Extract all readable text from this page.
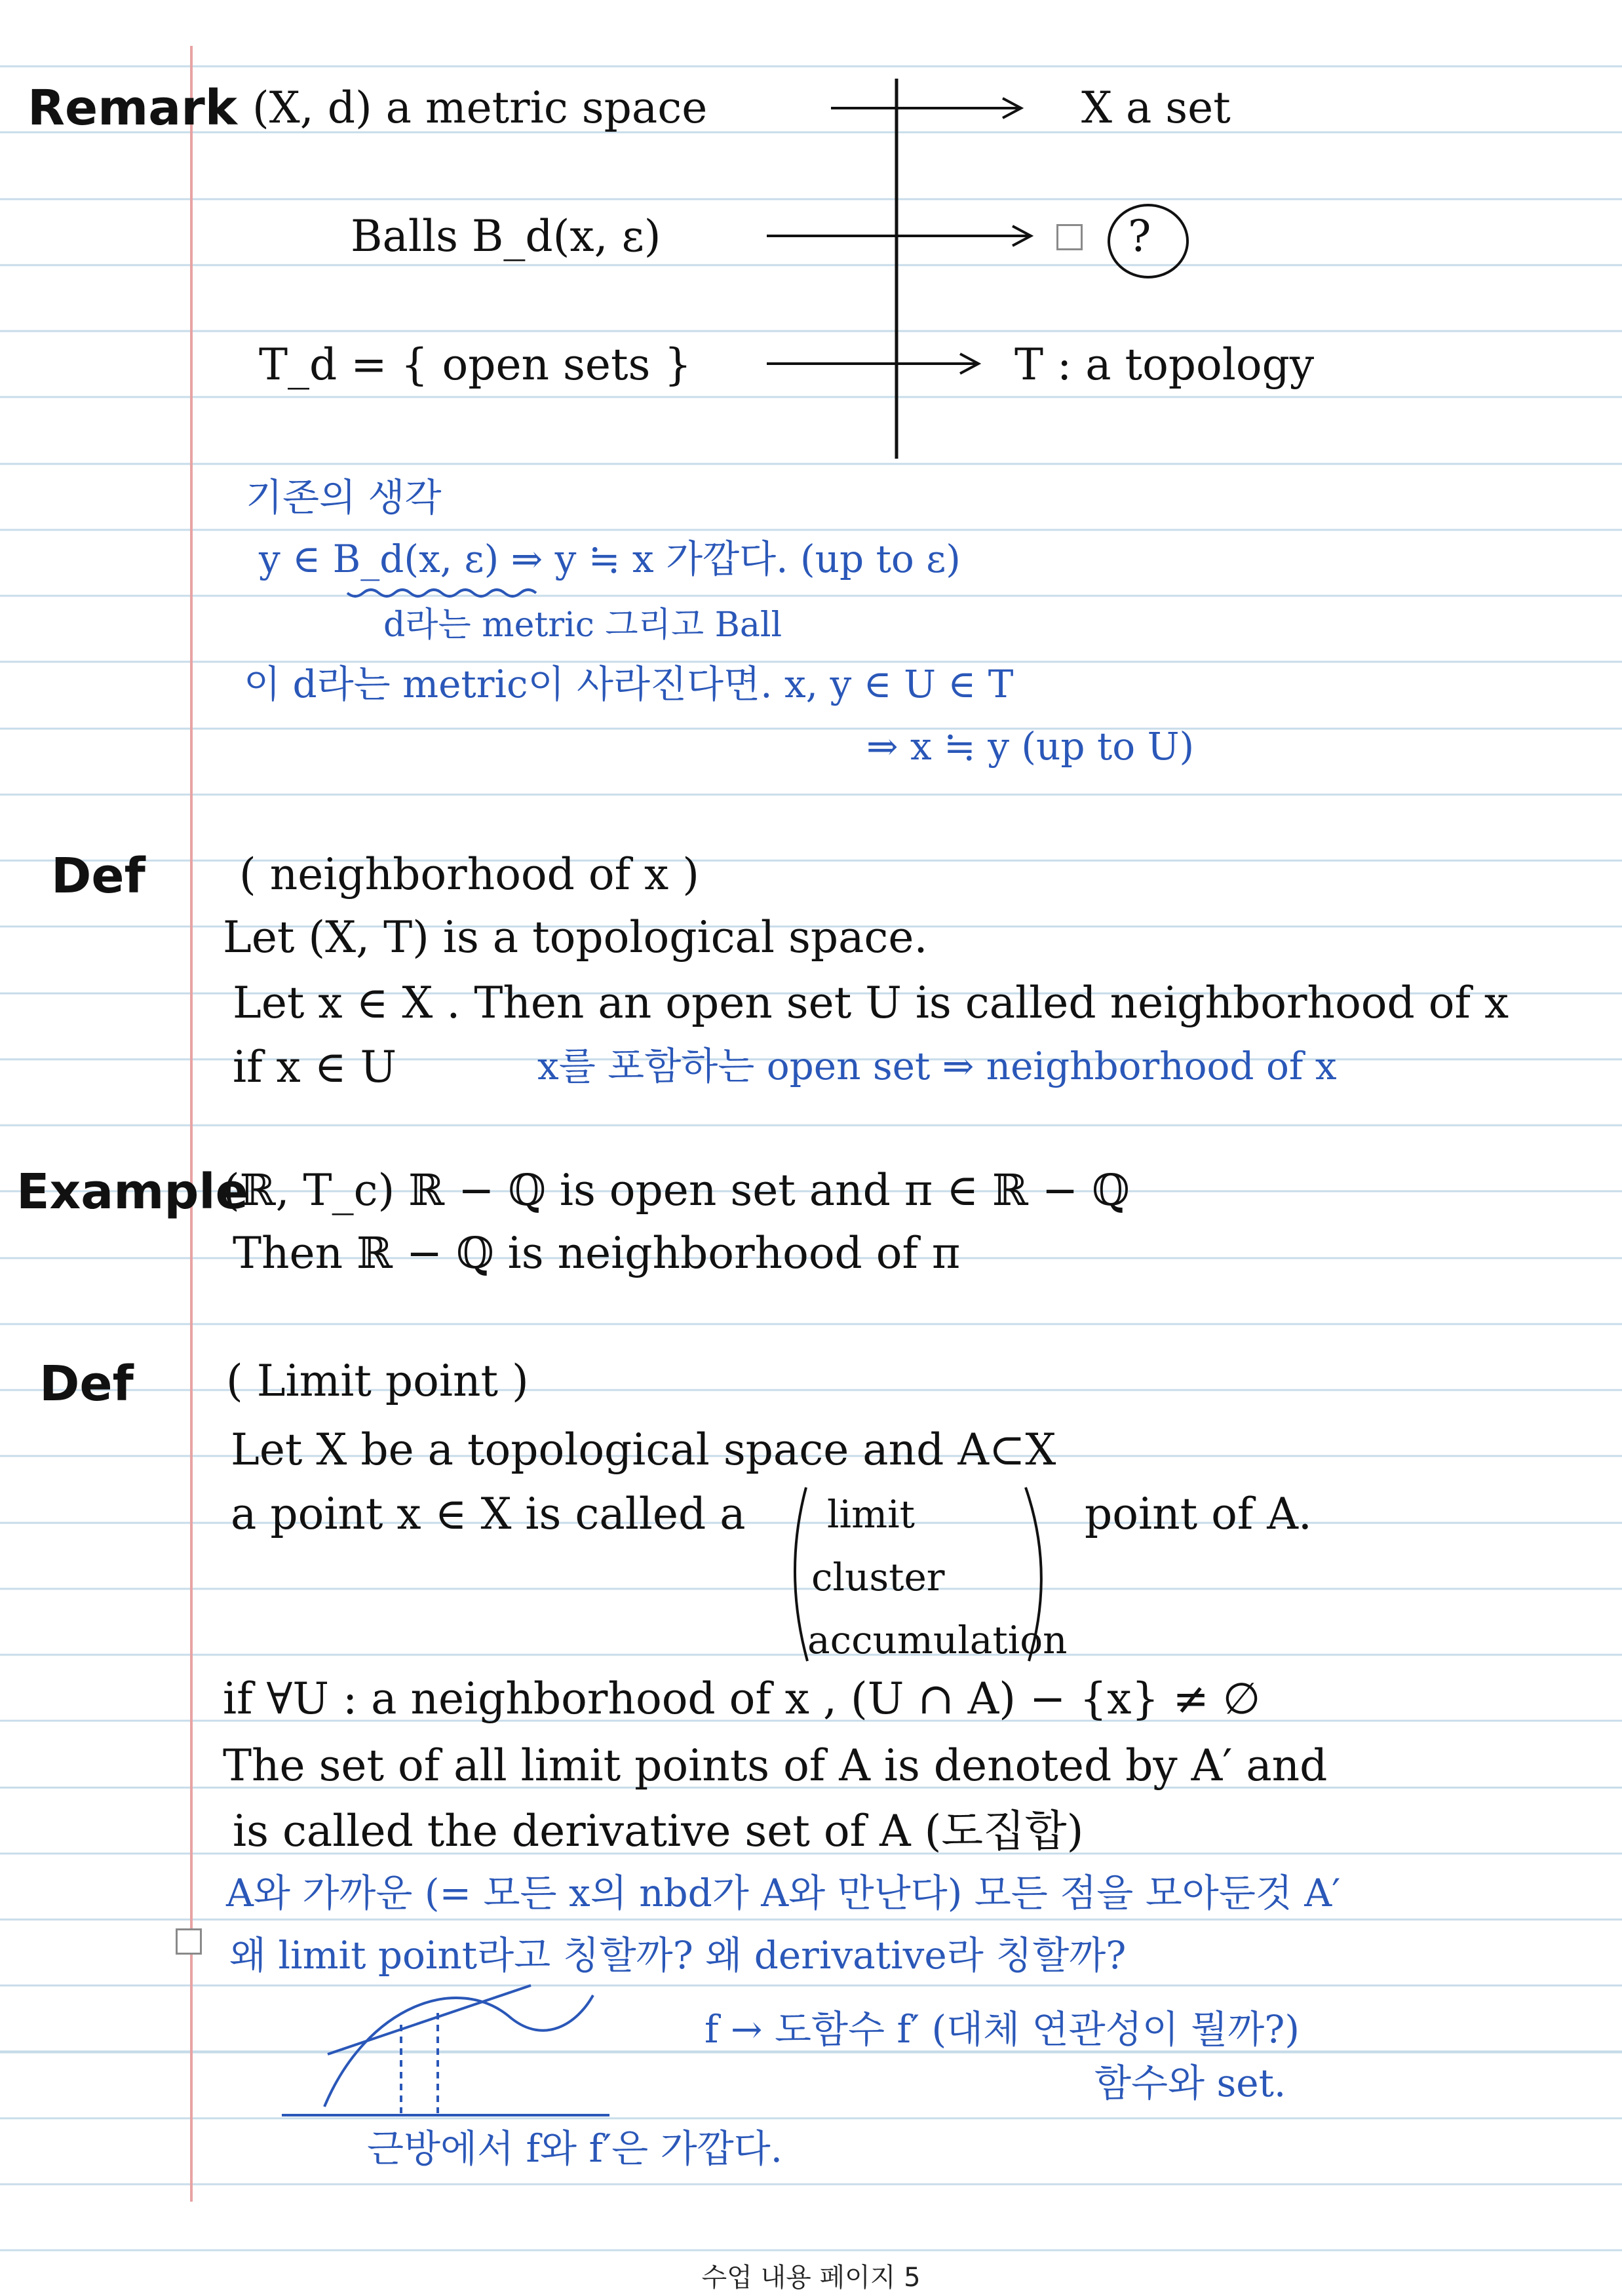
Remark (X, d) a metric space	X a set
Balls B_d(x, ε)	?
T_d = { open sets }	T : a topology
기존의 생각
y ∈ B_d(x, ε) ⇒ y ≒ x 가깝다. (up to ε)
d라는 metric 그리고 Ball
이 d라는 metric이 사라진다면. x, y ∈ U ∈ T
⇒ x ≒ y (up to U)
Def ( neighborhood of x )
Let (X, T) is a topological space.
Let x ∈ X . Then an open set U is called neighborhood of x
if x ∈ U	x를 포함하는 open set ⇒ neighborhood of x
Example
(ℝ, T_c) ℝ − ℚ is open set and π ∈ ℝ − ℚ
Then ℝ − ℚ is neighborhood of π
Def ( Limit point )
Let X be a topological space and A⊂X
a point x ∈ X is called a limit
cluster
accumulation
point of A.
if ∀U : a neighborhood of x , (U ∩ A) − {x} ≠ ∅
The set of all limit points of A is denoted by A′ and
is called the derivative set of A (도집합)
A와 가까운 (= 모든 x의 nbd가 A와 만난다) 모든 점을 모아둔것 A′
왜 limit point라고 칭할까? 왜 derivative라 칭할까?
f → 도함수 f′ (대체 연관성이 뭘까?)
함수와 set.
근방에서 f와 f′은 가깝다.
수업 내용 페이지 5
